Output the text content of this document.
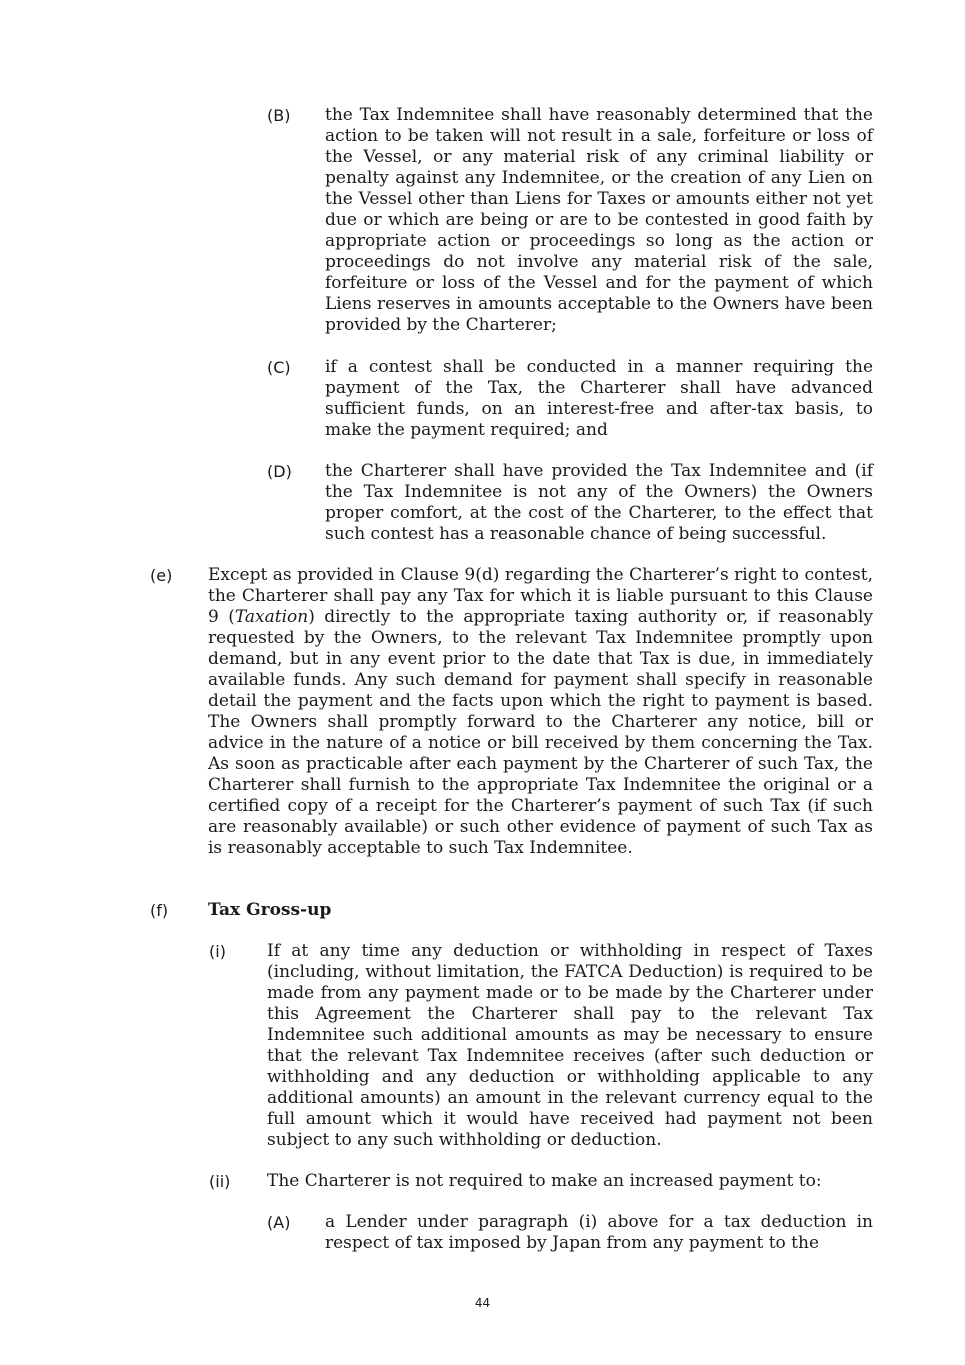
(B)	the Tax Indemnitee shall have reasonably determined that the action to be taken will not result in a sale, forfeiture or loss of the Vessel, or any material risk of any criminal liability or penalty against any Indemnitee, or the creation of any Lien on the Vessel other than Liens for Taxes or amounts either not yet due or which are being or are to be contested in good faith by appropriate action or proceedings so long as the action or proceedings do not involve any material risk of the sale, forfeiture or loss of the Vessel and for the payment of which Liens reserves in amounts acceptable to the Owners have been provided by the Charterer;
(C)	if a contest shall be conducted in a manner requiring the payment of the Tax, the Charterer shall have advanced sufficient funds, on an interest-free and after-tax basis, to make the payment required; and
(D)	the Charterer shall have provided the Tax Indemnitee and (if the Tax Indemnitee is not any of the Owners) the Owners proper comfort, at the cost of the Charterer, to the effect that such contest has a reasonable chance of being successful.
(e)	Except as provided in Clause 9(d) regarding the Charterer’s right to contest, the Charterer shall pay any Tax for which it is liable pursuant to this Clause 9 (Taxation) directly to the appropriate taxing authority or, if reasonably requested by the Owners, to the relevant Tax Indemnitee promptly upon demand, but in any event prior to the date that Tax is due, in immediately available funds. Any such demand for payment shall specify in reasonable detail the payment and the facts upon which the right to payment is based. The Owners shall promptly forward to the Charterer any notice, bill or advice in the nature of a notice or bill received by them concerning the Tax. As soon as practicable after each payment by the Charterer of such Tax, the Charterer shall furnish to the appropriate Tax Indemnitee the original or a certified copy of a receipt for the Charterer’s payment of such Tax (if such are reasonably available) or such other evidence of payment of such Tax as is reasonably acceptable to such Tax Indemnitee.
(f)	Tax Gross-up
(i)	If at any time any deduction or withholding in respect of Taxes (including, without limitation, the FATCA Deduction) is required to be made from any payment made or to be made by the Charterer under this Agreement the Charterer shall pay to the relevant Tax Indemnitee such additional amounts as may be necessary to ensure that the relevant Tax Indemnitee receives (after such deduction or withholding and any deduction or withholding applicable to any additional amounts) an amount in the relevant currency equal to the full amount which it would have received had payment not been subject to any such withholding or deduction.
(ii)	The Charterer is not required to make an increased payment to:
(A)	a Lender under paragraph (i) above for a tax deduction in respect of tax imposed by Japan from any payment to the
44
